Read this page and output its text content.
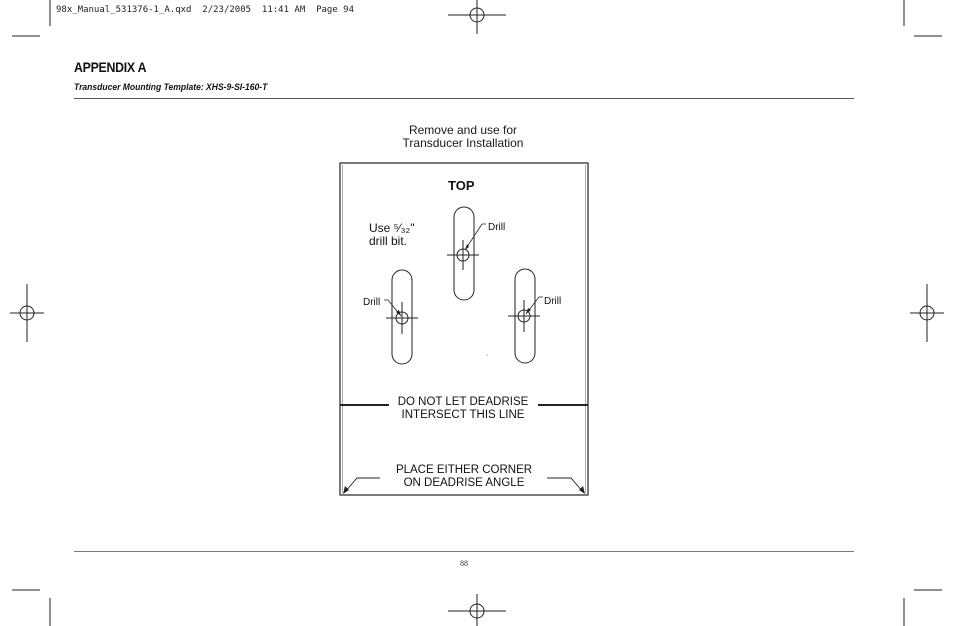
98x_Manual_531376-1_A.qxd  2/23/2005  11:41 AM  Page 94
APPENDIX A
Transducer Mounting Template: XHS-9-SI-160-T
Remove and use for
Transducer Installation
TOP
Use ⁵⁄₃₂"
drill bit.
Drill
Drill	Drill
DO NOT LET DEADRISE
INTERSECT THIS LINE
PLACE EITHER CORNER
ON DEADRISE ANGLE
88
